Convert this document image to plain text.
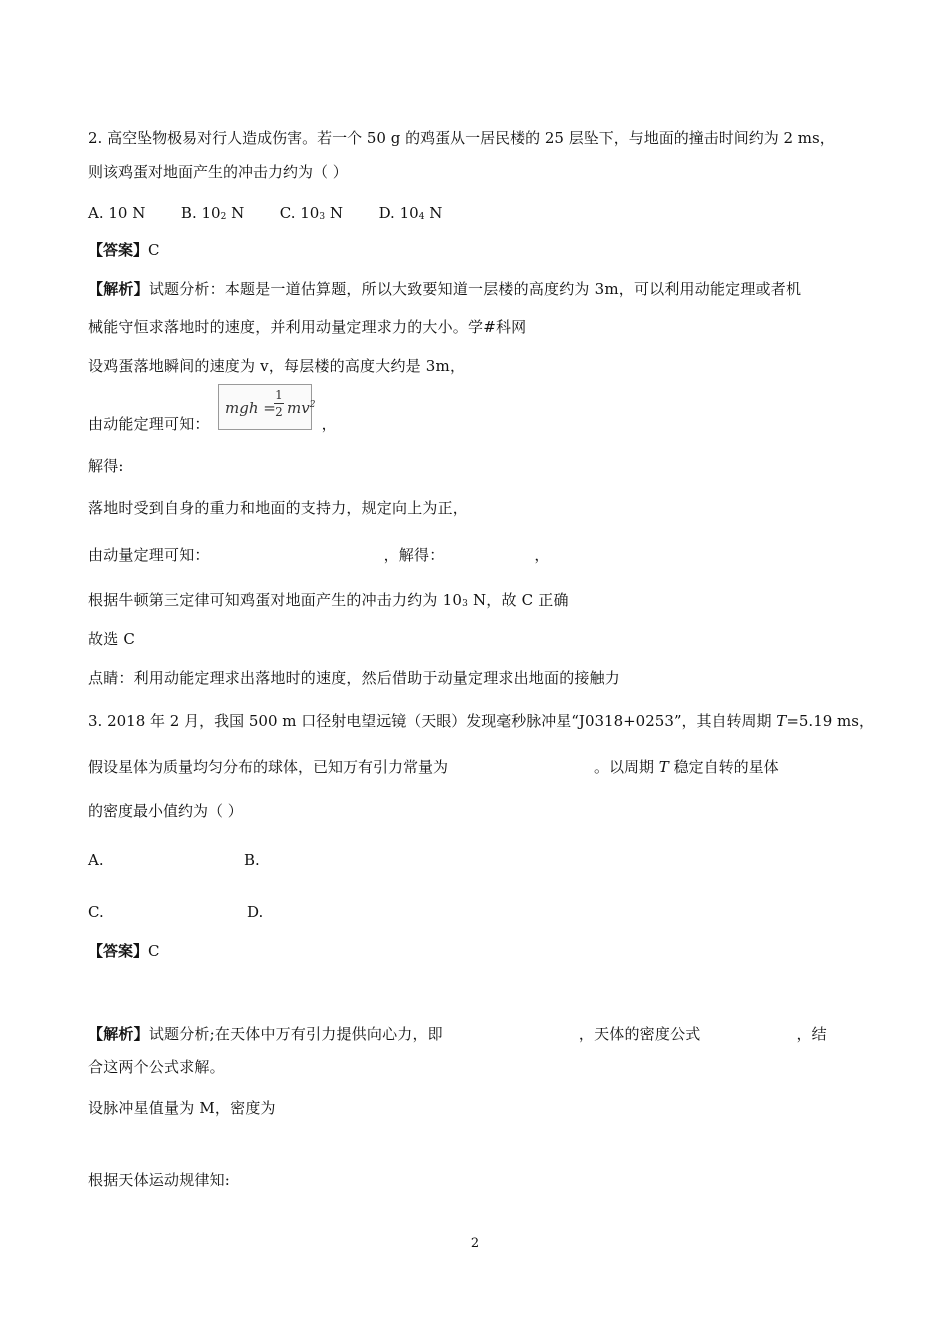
2. 高空坠物极易对行人造成伤害。若一个 50 g 的鸡蛋从一居民楼的 25 层坠下，与地面的撞击时间约为 2 ms，
则该鸡蛋对地面产生的冲击力约为（ ）
A. 10 N B. 102 N C. 103 N D. 104 N
【答案】C
【解析】试题分析：本题是一道估算题，所以大致要知道一层楼的高度约为 3m，可以利用动能定理或者机
械能守恒求落地时的速度，并利用动量定理求力的大小。学#科网
设鸡蛋落地瞬间的速度为 v，每层楼的高度大约是 3m，
由动能定理可知：	，
mgh =
1
2 $mv^2$
解得:
落地时受到自身的重力和地面的支持力，规定向上为正，
由动量定理可知：	，解得：	，
根据牛顿第三定律可知鸡蛋对地面产生的冲击力约为 103 N，故 C 正确
故选 C
点睛：利用动能定理求出落地时的速度，然后借助于动量定理求出地面的接触力
3. 2018 年 2 月，我国 500 m 口径射电望远镜（天眼）发现毫秒脉冲星“J0318+0253”，其自转周期 T=5.19 ms，
假设星体为质量均匀分布的球体，已知万有引力常量为	。以周期 T 稳定自转的星体
的密度最小值约为（ ）
A.	B.
C.	D.
【答案】C
【解析】试题分析;在天体中万有引力提供向心力，即	，天体的密度公式	，结
合这两个公式求解。
设脉冲星值量为 M，密度为
根据天体运动规律知:
2
